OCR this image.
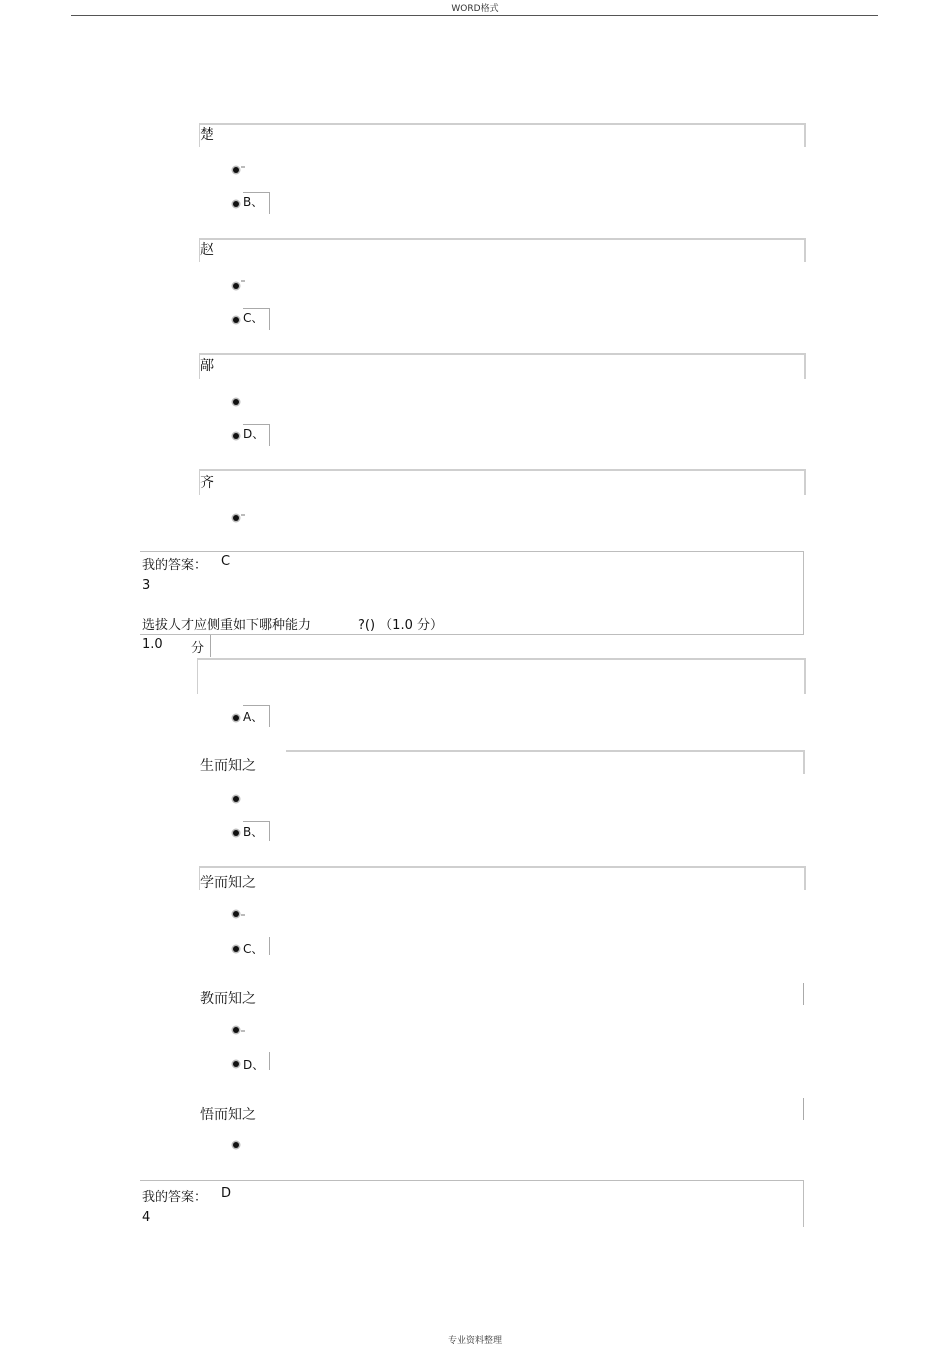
WORD格式
楚
B、
赵
C、
鄗
D、
齐
我的答案： C
3
选拔人才应侧重如下哪种能力	?() （1.0 分）
1.0 分
A、
生而知之
B、
学而知之
C、
教而知之
D、
悟而知之
我的答案： D
4
专业资料整理
